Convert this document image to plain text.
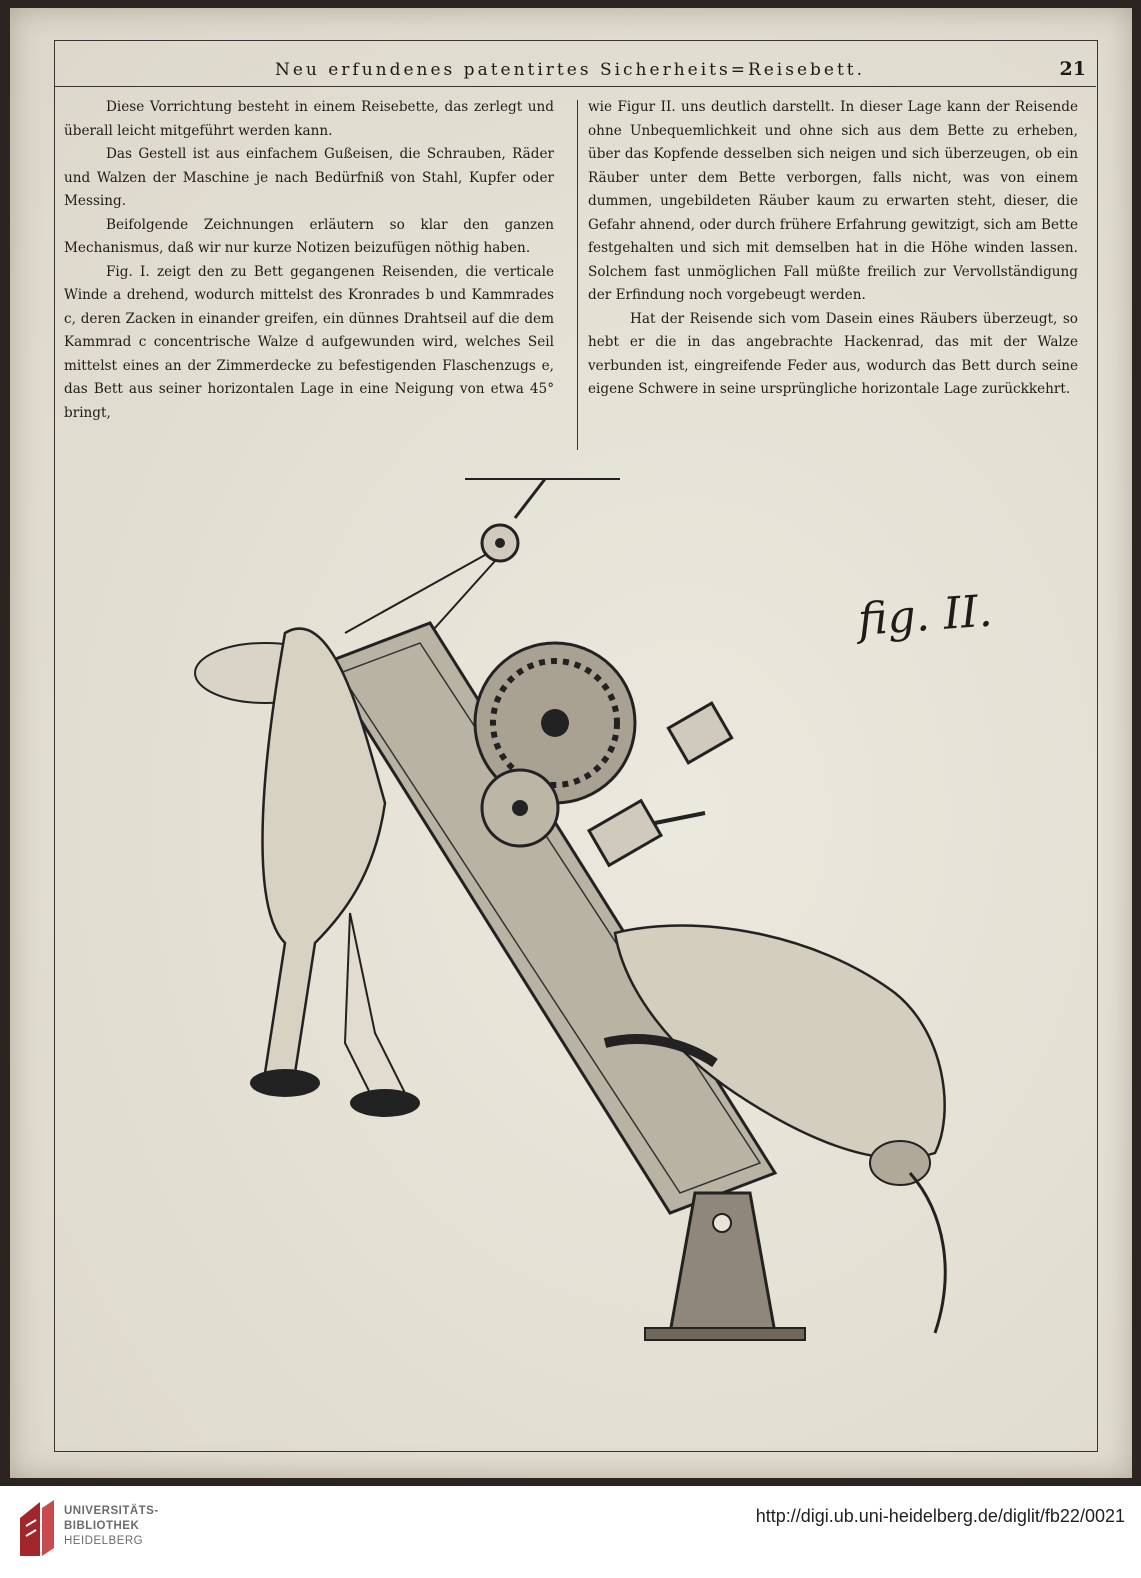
Neu erfundenes patentirtes Sicherheits=Reisebett.	21

Diese Vorrichtung besteht in einem Reisebette, das zerlegt und überall leicht mitgeführt werden kann.

Das Gestell ist aus einfachem Gußeisen, die Schrauben, Räder und Walzen der Maschine je nach Bedürfniß von Stahl, Kupfer oder Messing.

Beifolgende Zeichnungen erläutern so klar den ganzen Mechanismus, daß wir nur kurze Notizen beizufügen nöthig haben.

Fig. I. zeigt den zu Bett gegangenen Reisenden, die verticale Winde a drehend, wodurch mittelst des Kronrades b und Kammrades c, deren Zacken in einander greifen, ein dünnes Drahtseil auf die dem Kammrad c concentrische Walze d aufgewunden wird, welches Seil mittelst eines an der Zimmerdecke zu befestigenden Flaschenzugs e, das Bett aus seiner horizontalen Lage in eine Neigung von etwa 45° bringt,

wie Figur II. uns deutlich darstellt. In dieser Lage kann der Reisende ohne Unbequemlichkeit und ohne sich aus dem Bette zu erheben, über das Kopfende desselben sich neigen und sich überzeugen, ob ein Räuber unter dem Bette verborgen, falls nicht, was von einem dummen, ungebildeten Räuber kaum zu erwarten steht, dieser, die Gefahr ahnend, oder durch frühere Erfahrung gewitzigt, sich am Bette festgehalten und sich mit demselben hat in die Höhe winden lassen. Solchem fast unmöglichen Fall müßte freilich zur Vervollständigung der Erfindung noch vorgebeugt werden.

Hat der Reisende sich vom Dasein eines Räubers überzeugt, so hebt er die in das angebrachte Hackenrad, das mit der Walze verbunden ist, eingreifende Feder aus, wodurch das Bett durch seine eigene Schwere in seine ursprüngliche horizontale Lage zurückkehrt.

fig. II.
UNIVERSITÄTS-
BIBLIOTHEK
HEIDELBERG
http://digi.ub.uni-heidelberg.de/diglit/fb22/0021
